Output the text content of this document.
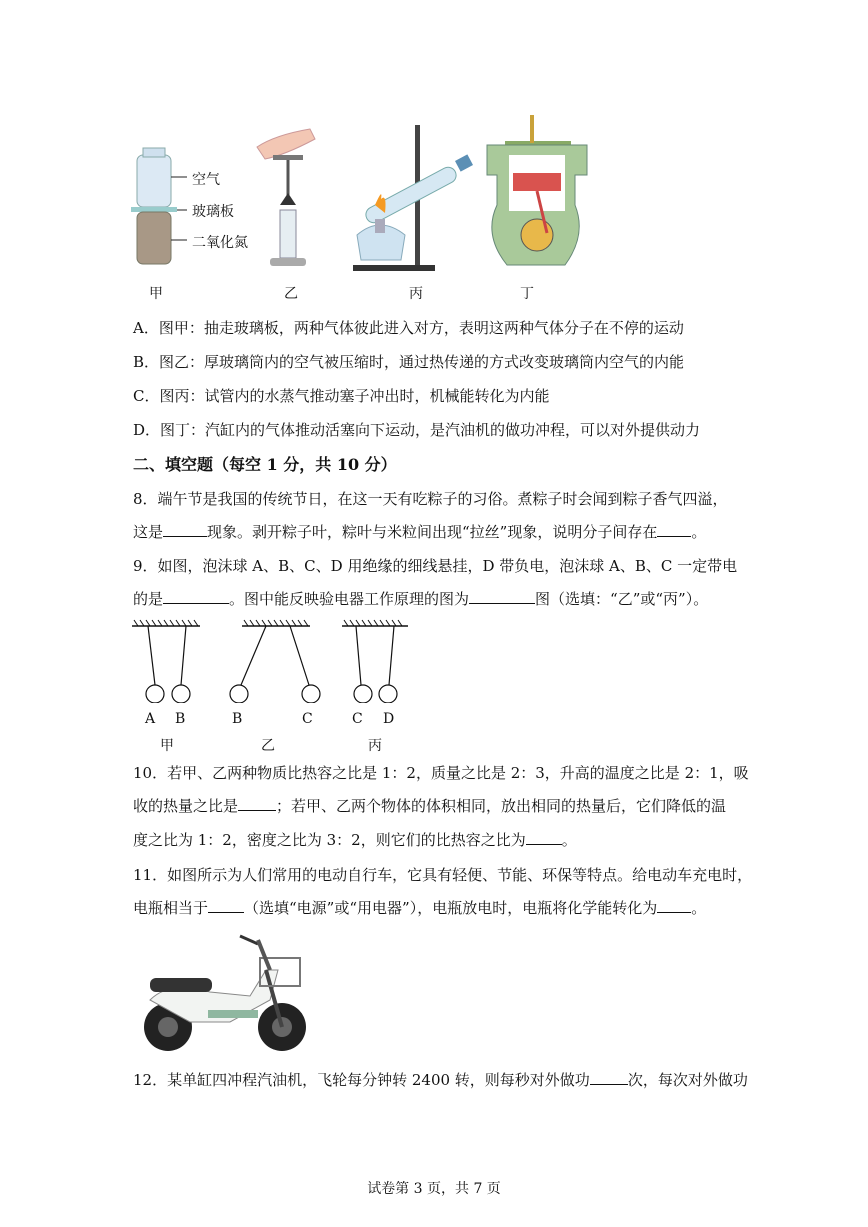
空气
玻璃板
二氧化氮
甲	乙	丙	丁
A．图甲：抽走玻璃板，两种气体彼此进入对方，表明这两种气体分子在不停的运动
B．图乙：厚玻璃筒内的空气被压缩时，通过热传递的方式改变玻璃筒内空气的内能
C．图丙：试管内的水蒸气推动塞子冲出时，机械能转化为内能
D．图丁：汽缸内的气体推动活塞向下运动，是汽油机的做功冲程，可以对外提供动力
二、填空题（每空 1 分，共 10 分）
8．端午节是我国的传统节日，在这一天有吃粽子的习俗。煮粽子时会闻到粽子香气四溢，
这是	现象。剥开粽子叶，粽叶与米粒间出现“拉丝”现象，说明分子间存在 。
9．如图，泡沫球 A、B、C、D 用绝缘的细线悬挂，D 带负电，泡沫球 A、B、C 一定带电
的是	。图中能反映验电器工作原理的图为	图（选填：“乙”或“丙”）。
A B	B	C	C D
甲	乙	丙
10．若甲、乙两种物质比热容之比是 1：2，质量之比是 2：3，升高的温度之比是 2：1，吸
收的热量之比是	；若甲、乙两个物体的体积相同，放出相同的热量后，它们降低的温
度之比为 1：2，密度之比为 3：2，则它们的比热容之比为 。
11．如图所示为人们常用的电动自行车，它具有轻便、节能、环保等特点。给电动车充电时，
电瓶相当于 （选填“电源”或“用电器”），电瓶放电时，电瓶将化学能转化为 。
12．某单缸四冲程汽油机，飞轮每分钟转 2400 转，则每秒对外做功	次，每次对外做功
试卷第 3 页，共 7 页
